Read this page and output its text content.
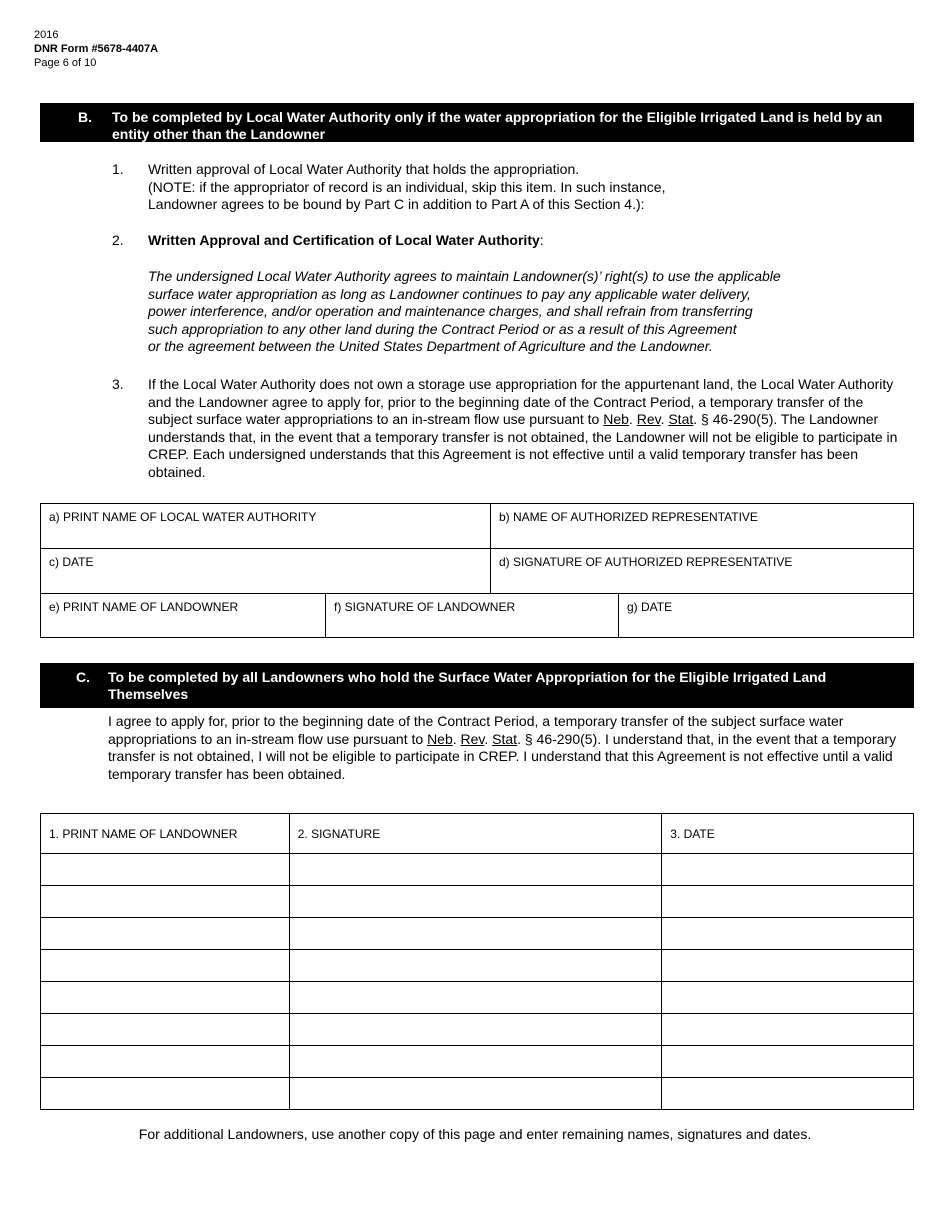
2016
DNR Form #5678-4407A
Page 6 of 10
B. To be completed by Local Water Authority only if the water appropriation for the Eligible Irrigated Land is held by an entity other than the Landowner
1. Written approval of Local Water Authority that holds the appropriation.
(NOTE: if the appropriator of record is an individual, skip this item. In such instance,
Landowner agrees to be bound by Part C in addition to Part A of this Section 4.):
2. Written Approval and Certification of Local Water Authority:
The undersigned Local Water Authority agrees to maintain Landowner(s)’ right(s) to use the applicable
surface water appropriation as long as Landowner continues to pay any applicable water delivery,
power interference, and/or operation and maintenance charges, and shall refrain from transferring
such appropriation to any other land during the Contract Period or as a result of this Agreement
or the agreement between the United States Department of Agriculture and the Landowner.
3. If the Local Water Authority does not own a storage use appropriation for the appurtenant land, the Local Water Authority and the Landowner agree to apply for, prior to the beginning date of the Contract Period, a temporary transfer of the subject surface water appropriations to an in-stream flow use pursuant to Neb. Rev. Stat. § 46-290(5). The Landowner understands that, in the event that a temporary transfer is not obtained, the Landowner will not be eligible to participate in CREP. Each undersigned understands that this Agreement is not effective until a valid temporary transfer has been obtained.
a) PRINT NAME OF LOCAL WATER AUTHORITY	b) NAME OF AUTHORIZED REPRESENTATIVE
c) DATE	d) SIGNATURE OF AUTHORIZED REPRESENTATIVE
e) PRINT NAME OF LANDOWNER	f) SIGNATURE OF LANDOWNER	g) DATE
C. To be completed by all Landowners who hold the Surface Water Appropriation for the Eligible Irrigated Land Themselves
I agree to apply for, prior to the beginning date of the Contract Period, a temporary transfer of the subject surface water appropriations to an in-stream flow use pursuant to Neb. Rev. Stat. § 46-290(5). I understand that, in the event that a temporary transfer is not obtained, I will not be eligible to participate in CREP. I understand that this Agreement is not effective until a valid temporary transfer has been obtained.
1. PRINT NAME OF LANDOWNER	2. SIGNATURE	3. DATE

For additional Landowners, use another copy of this page and enter remaining names, signatures and dates.
